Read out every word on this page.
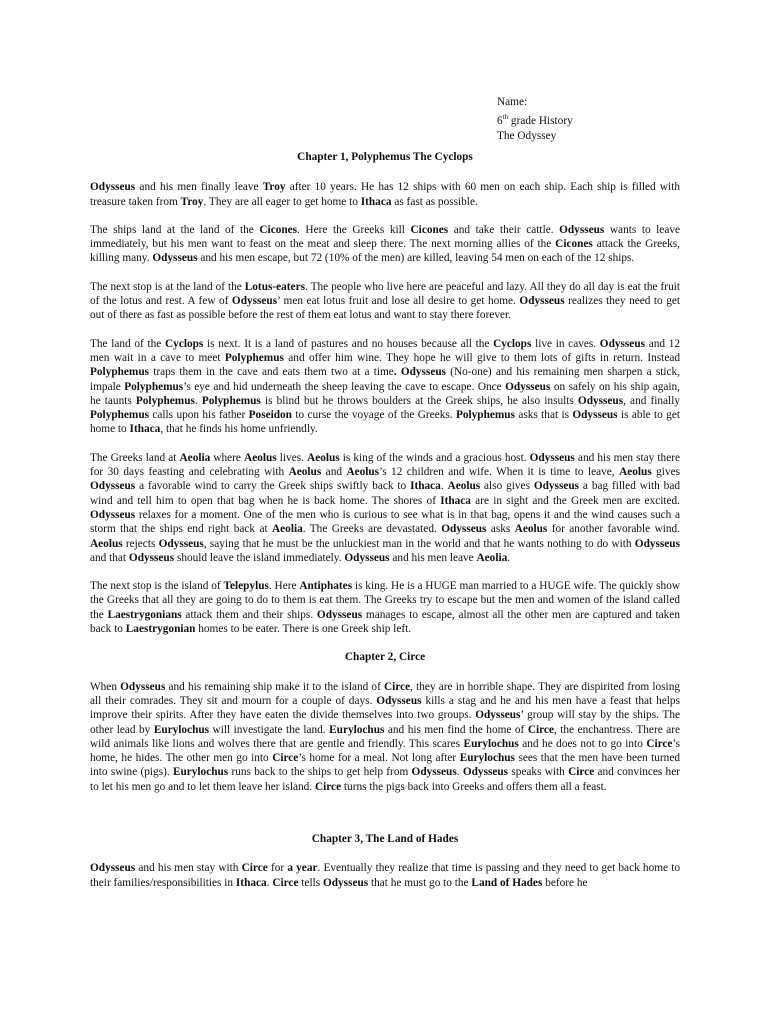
Name:
6th grade History
The Odyssey
Chapter 1, Polyphemus The Cyclops

Odysseus and his men finally leave Troy after 10 years. He has 12 ships with 60 men on each ship. Each ship is filled with treasure taken from Troy. They are all eager to get home to Ithaca as fast as possible.

The ships land at the land of the Cicones. Here the Greeks kill Cicones and take their cattle. Odysseus wants to leave immediately, but his men want to feast on the meat and sleep there. The next morning allies of the Cicones attack the Greeks, killing many. Odysseus and his men escape, but 72 (10% of the men) are killed, leaving 54 men on each of the 12 ships.

The next stop is at the land of the Lotus-eaters. The people who live here are peaceful and lazy. All they do all day is eat the fruit of the lotus and rest. A few of Odysseus’ men eat lotus fruit and lose all desire to get home. Odysseus realizes they need to get out of there as fast as possible before the rest of them eat lotus and want to stay there forever.

The land of the Cyclops is next. It is a land of pastures and no houses because all the Cyclops live in caves. Odysseus and 12 men wait in a cave to meet Polyphemus and offer him wine. They hope he will give to them lots of gifts in return. Instead Polyphemus traps them in the cave and eats them two at a time. Odysseus (No-one) and his remaining men sharpen a stick, impale Polyphemus’s eye and hid underneath the sheep leaving the cave to escape. Once Odysseus on safely on his ship again, he taunts Polyphemus. Polyphemus is blind but he throws boulders at the Greek ships, he also insults Odysseus, and finally Polyphemus calls upon his father Poseidon to curse the voyage of the Greeks. Polyphemus asks that is Odysseus is able to get home to Ithaca, that he finds his home unfriendly.

The Greeks land at Aeolia where Aeolus lives. Aeolus is king of the winds and a gracious host. Odysseus and his men stay there for 30 days feasting and celebrating with Aeolus and Aeolus’s 12 children and wife. When it is time to leave, Aeolus gives Odysseus a favorable wind to carry the Greek ships swiftly back to Ithaca. Aeolus also gives Odysseus a bag filled with bad wind and tell him to open that bag when he is back home. The shores of Ithaca are in sight and the Greek men are excited. Odysseus relaxes for a moment. One of the men who is curious to see what is in that bag, opens it and the wind causes such a storm that the ships end right back at Aeolia. The Greeks are devastated. Odysseus asks Aeolus for another favorable wind. Aeolus rejects Odysseus, saying that he must be the unluckiest man in the world and that he wants nothing to do with Odysseus and that Odysseus should leave the island immediately. Odysseus and his men leave Aeolia.

The next stop is the island of Telepylus. Here Antiphates is king. He is a HUGE man married to a HUGE wife. The quickly show the Greeks that all they are going to do to them is eat them. The Greeks try to escape but the men and women of the island called the Laestrygonians attack them and their ships. Odysseus manages to escape, almost all the other men are captured and taken back to Laestrygonian homes to be eater. There is one Greek ship left.

Chapter 2, Circe

When Odysseus and his remaining ship make it to the island of Circe, they are in horrible shape. They are dispirited from losing all their comrades. They sit and mourn for a couple of days. Odysseus kills a stag and he and his men have a feast that helps improve their spirits. After they have eaten the divide themselves into two groups. Odysseus’ group will stay by the ships. The other lead by Eurylochus will investigate the land. Eurylochus and his men find the home of Circe, the enchantress. There are wild animals like lions and wolves there that are gentle and friendly. This scares Eurylochus and he does not to go into Circe’s home, he hides. The other men go into Circe’s home for a meal. Not long after Eurylochus sees that the men have been turned into swine (pigs). Eurylochus runs back to the ships to get help from Odysseus. Odysseus speaks with Circe and convinces her to let his men go and to let them leave her island. Circe turns the pigs back into Greeks and offers them all a feast.

Chapter 3, The Land of Hades

Odysseus and his men stay with Circe for a year. Eventually they realize that time is passing and they need to get back home to their families/responsibilities in Ithaca. Circe tells Odysseus that he must go to the Land of Hades before he
